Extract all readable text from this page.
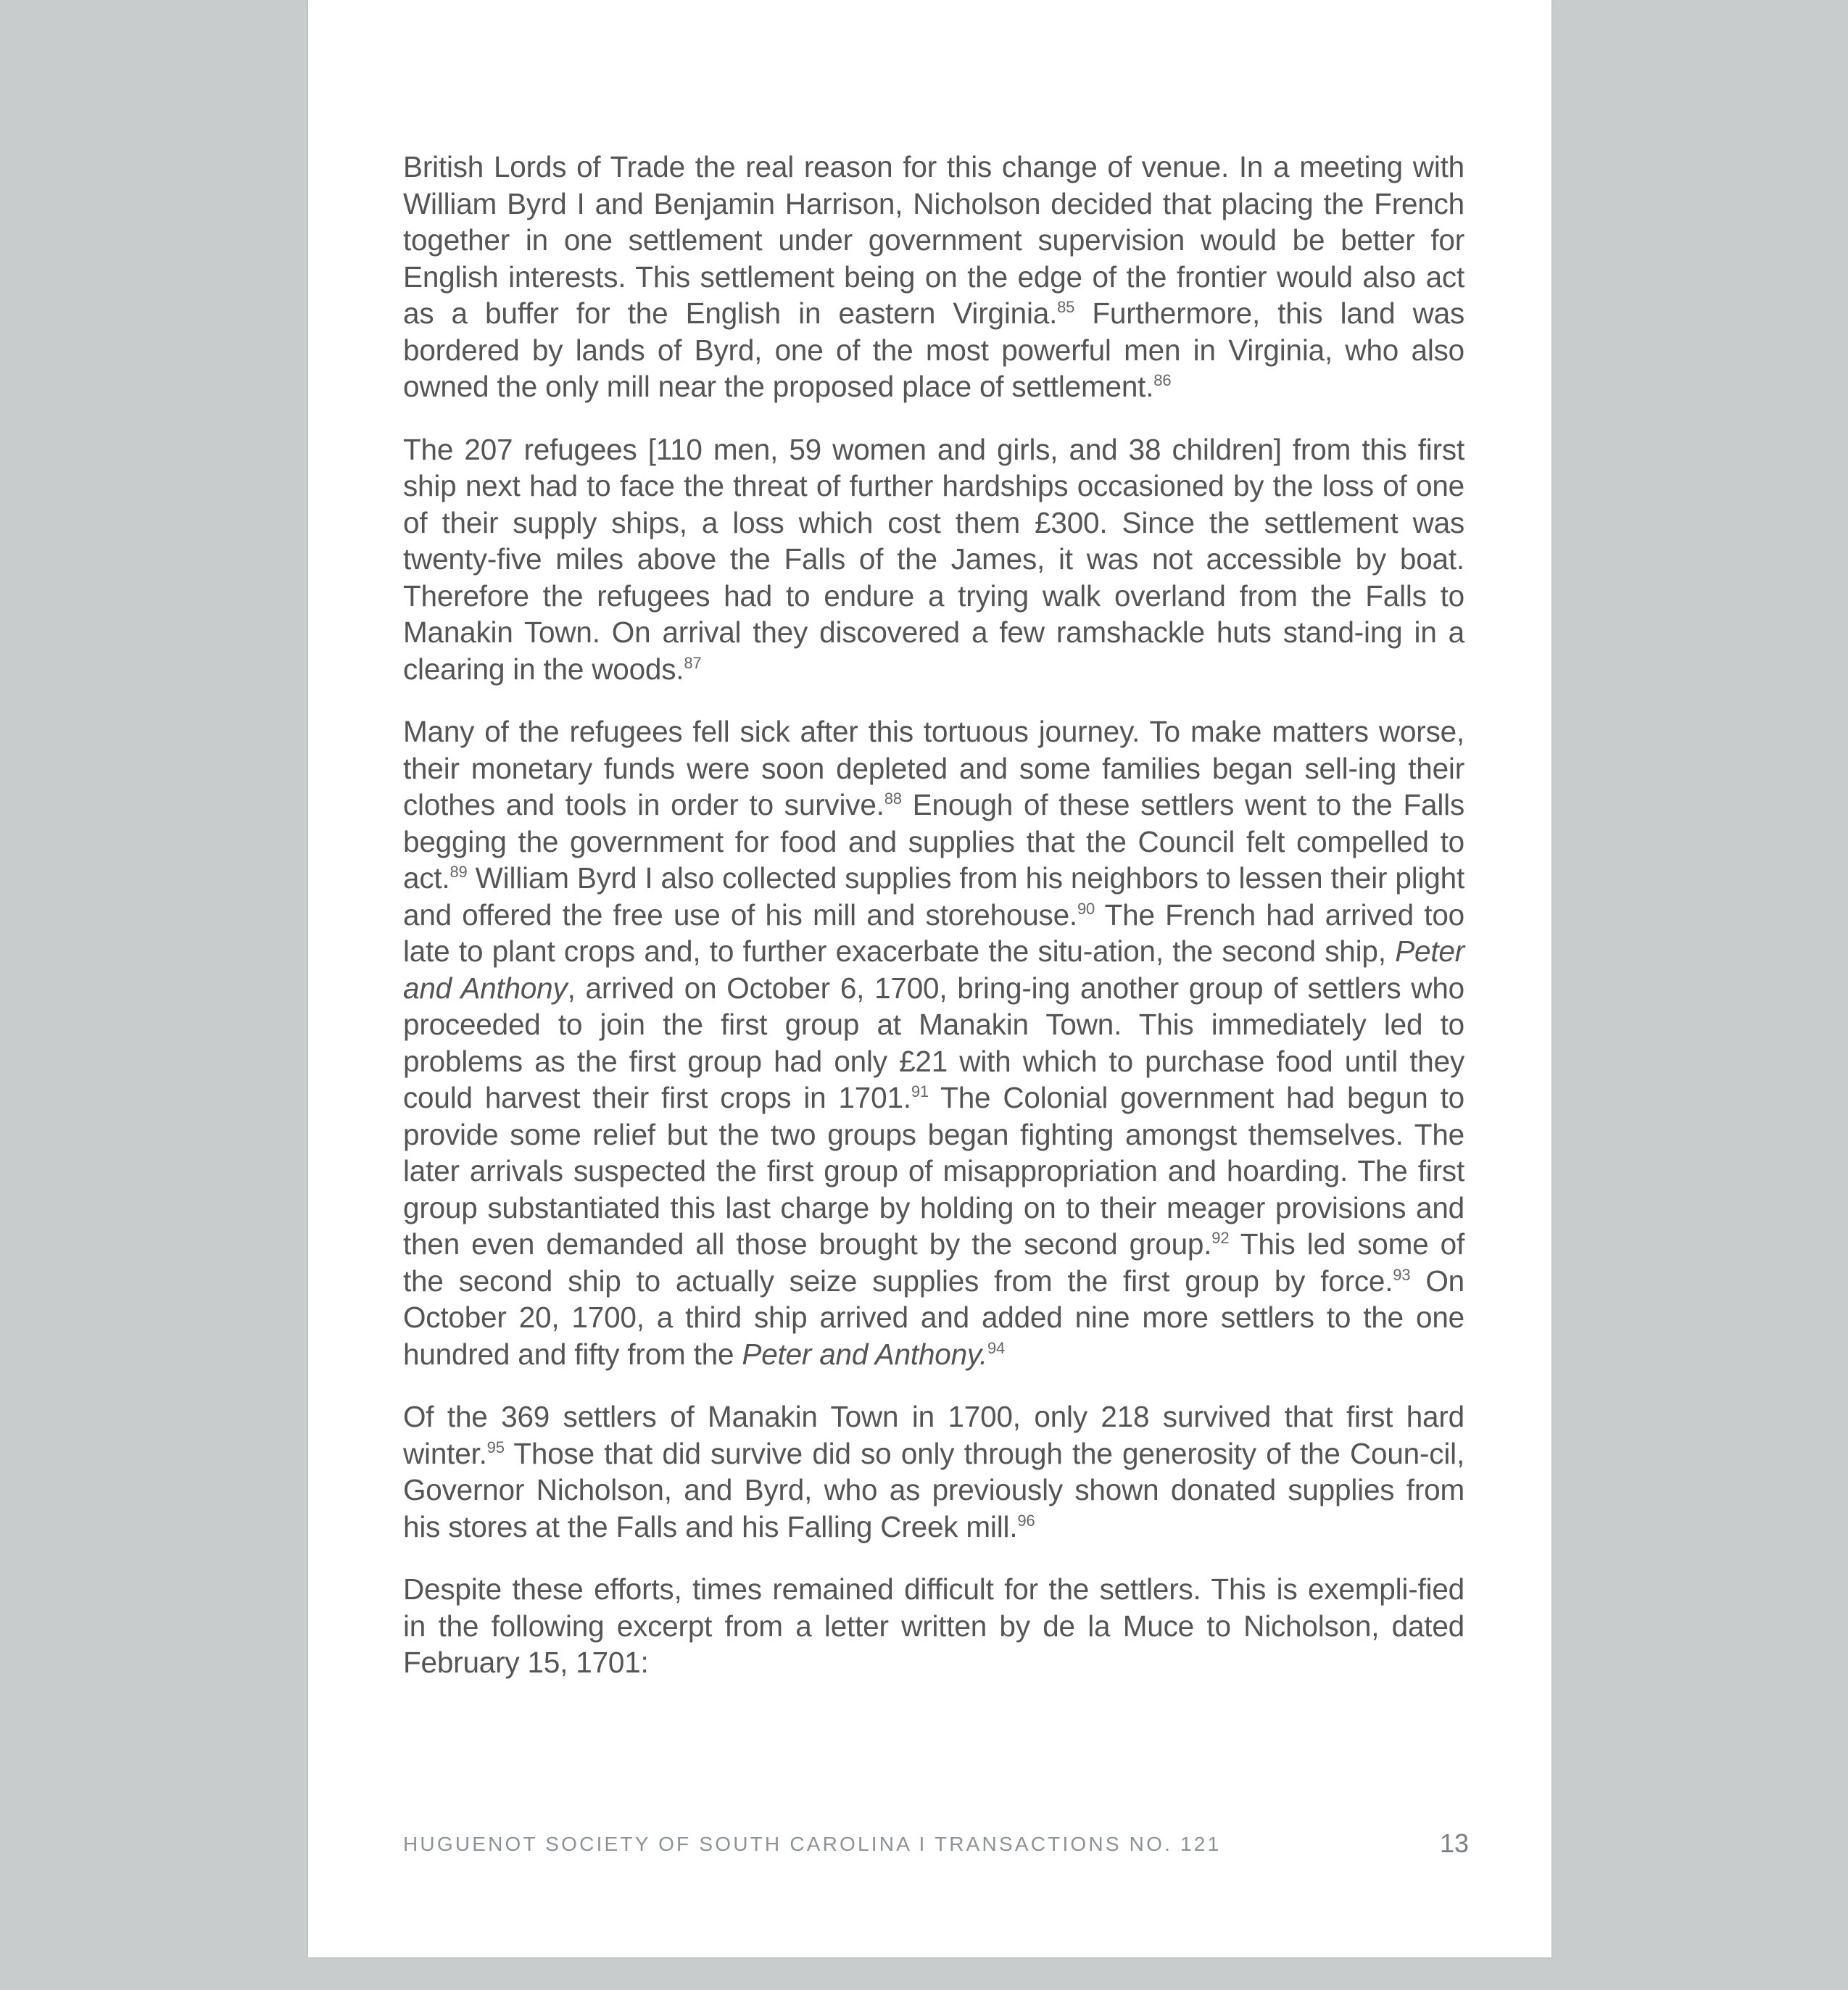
British Lords of Trade the real reason for this change of venue. In a meeting with William Byrd I and Benjamin Harrison, Nicholson decided that placing the French together in one settlement under government supervision would be better for English interests. This settlement being on the edge of the frontier would also act as a buffer for the English in eastern Virginia.$^{85}$ Furthermore, this land was bordered by lands of Byrd, one of the most powerful men in Virginia, who also owned the only mill near the proposed place of settlement.$^{86}$

The 207 refugees [110 men, 59 women and girls, and 38 children] from this first ship next had to face the threat of further hardships occasioned by the loss of one of their supply ships, a loss which cost them £300. Since the settlement was twenty-five miles above the Falls of the James, it was not accessible by boat. Therefore the refugees had to endure a trying walk overland from the Falls to Manakin Town. On arrival they discovered a few ramshackle huts stand-ing in a clearing in the woods.$^{87}$

Many of the refugees fell sick after this tortuous journey. To make matters worse, their monetary funds were soon depleted and some families began sell-ing their clothes and tools in order to survive.$^{88}$ Enough of these settlers went to the Falls begging the government for food and supplies that the Council felt compelled to act.$^{89}$ William Byrd I also collected supplies from his neighbors to lessen their plight and offered the free use of his mill and storehouse.$^{90}$ The French had arrived too late to plant crops and, to further exacerbate the situ-ation, the second ship, Peter and Anthony, arrived on October 6, 1700, bring-ing another group of settlers who proceeded to join the first group at Manakin Town. This immediately led to problems as the first group had only £21 with which to purchase food until they could harvest their first crops in 1701.91 The Colonial government had begun to provide some relief but the two groups began fighting amongst themselves. The later arrivals suspected the first group of misappropriation and hoarding. The first group substantiated this last charge by holding on to their meager provisions and then even demanded all those brought by the second group.$^{92}$ This led some of the second ship to actually seize supplies from the first group by force.$^{93}$ On October 20, 1700, a third ship arrived and added nine more settlers to the one hundred and fifty from the Peter and Anthony.$^{94}$

Of the 369 settlers of Manakin Town in 1700, only 218 survived that first hard winter.$^{95}$ Those that did survive did so only through the generosity of the Coun-cil, Governor Nicholson, and Byrd, who as previously shown donated supplies from his stores at the Falls and his Falling Creek mill.$^{96}$

Despite these efforts, times remained difficult for the settlers. This is exempli-fied in the following excerpt from a letter written by de la Muce to Nicholson, dated February 15, 1701:

HUGUENOT SOCIETY OF SOUTH CAROLINA I TRANSACTIONS NO. 121	13
